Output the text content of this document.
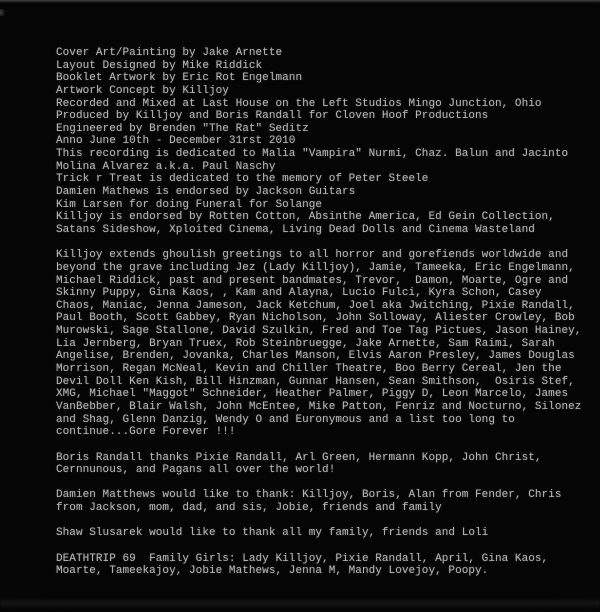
Cover Art/Painting by Jake Arnette
Layout Designed by Mike Riddick
Booklet Artwork by Eric Rot Engelmann
Artwork Concept by Killjoy
Recorded and Mixed at Last House on the Left Studios Mingo Junction, Ohio
Produced by Killjoy and Boris Randall for Cloven Hoof Productions
Engineered by Brenden "The Rat" Seditz
Anno June 10th - December 31rst 2010
This recording is dedicated to Malia "Vampira" Nurmi, Chaz. Balun and Jacinto
Molina Alvarez a.k.a. Paul Naschy
Trick r Treat is dedicated to the memory of Peter Steele
Damien Mathews is endorsed by Jackson Guitars
Kim Larsen for doing Funeral for Solange
Killjoy is endorsed by Rotten Cotton, Absinthe America, Ed Gein Collection,
Satans Sideshow, Xploited Cinema, Living Dead Dolls and Cinema Wasteland
Killjoy extends ghoulish greetings to all horror and gorefiends worldwide and
beyond the grave including Jez (Lady Killjoy), Jamie, Tameeka, Eric Engelmann,
Michael Riddick, past and present bandmates, Trevor,  Damon, Moarte, Ogre and
Skinny Puppy, Gina Kaos, , Kam and Alayna, Lucio Fulci, Kyra Schon, Casey
Chaos, Maniac, Jenna Jameson, Jack Ketchum, Joel aka Jwitching, Pixie Randall,
Paul Booth, Scott Gabbey, Ryan Nicholson, John Solloway, Aliester Crowley, Bob
Murowski, Sage Stallone, David Szulkin, Fred and Toe Tag Pictues, Jason Hainey,
Lia Jernberg, Bryan Truex, Rob Steinbruegge, Jake Arnette, Sam Raimi, Sarah
Angelise, Brenden, Jovanka, Charles Manson, Elvis Aaron Presley, James Douglas
Morrison, Regan McNeal, Kevin and Chiller Theatre, Boo Berry Cereal, Jen the
Devil Doll Ken Kish, Bill Hinzman, Gunnar Hansen, Sean Smithson,  Osiris Stef,
XMG, Michael "Maggot" Schneider, Heather Palmer, Piggy D, Leon Marcelo, James
VanBebber, Blair Walsh, John McEntee, Mike Patton, Fenriz and Nocturno, Silonez
and Shag, Glenn Danzig, Wendy O and Euronymous and a list too long to
continue...Gore Forever !!!
Boris Randall thanks Pixie Randall, Arl Green, Hermann Kopp, John Christ,
Cernnunous, and Pagans all over the world!
Damien Matthews would like to thank: Killjoy, Boris, Alan from Fender, Chris
from Jackson, mom, dad, and sis, Jobie, friends and family
Shaw Slusarek would like to thank all my family, friends and Loli
DEATHTRIP 69  Family Girls: Lady Killjoy, Pixie Randall, April, Gina Kaos,
Moarte, Tameekajoy, Jobie Mathews, Jenna M, Mandy Lovejoy, Poopy.
